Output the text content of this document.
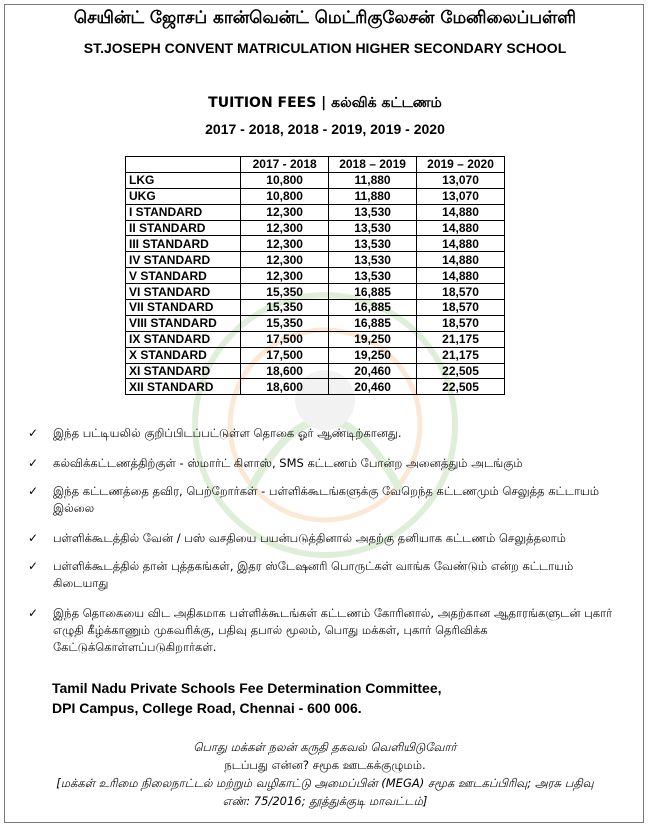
செயின்ட் ஜோசப் கான்வென்ட் மெட்ரிகுலேசன் மேனிலைப்பள்ளி
ST.JOSEPH CONVENT MATRICULATION HIGHER SECONDARY SCHOOL
TUITION FEES | கல்விக் கட்டணம்
2017 - 2018, 2018 - 2019, 2019 - 2020
	2017 - 2018	2018 – 2019	2019 – 2020
LKG	10,800	11,880	13,070
UKG	10,800	11,880	13,070
I STANDARD	12,300	13,530	14,880
II STANDARD	12,300	13,530	14,880
III STANDARD	12,300	13,530	14,880
IV STANDARD	12,300	13,530	14,880
V STANDARD	12,300	13,530	14,880
VI STANDARD	15,350	16,885	18,570
VII STANDARD	15,350	16,885	18,570
VIII STANDARD	15,350	16,885	18,570
IX STANDARD	17,500	19,250	21,175
X STANDARD	17,500	19,250	21,175
XI STANDARD	18,600	20,460	22,505
XII STANDARD	18,600	20,460	22,505
✓ இந்த பட்டியலில் குறிப்பிடப்பட்டுள்ள தொகை ஓர் ஆண்டிற்கானது.
✓ கல்விக்கட்டணத்திற்குள் - ஸ்மார்ட் கிளாஸ், SMS கட்டணம் போன்ற அனைத்தும் அடங்கும்
✓ இந்த கட்டணத்தை தவிர, பெற்றோர்கள் - பள்ளிக்கூடங்களுக்கு வேறெந்த கட்டணமும் செலுத்த கட்டாயம் இல்லை
✓ பள்ளிக்கூடத்தில் வேன் / பஸ் வசதியை பயன்படுத்தினால் அதற்கு தனியாக கட்டணம் செலுத்தலாம்
✓ பள்ளிக்கூடத்தில் தான் புத்தகங்கள், இதர ஸ்டேஷனரி பொருட்கள் வாங்க வேண்டும் என்ற கட்டாயம் கிடையாது
✓ இந்த தொகையை விட அதிகமாக பள்ளிக்கூடங்கள் கட்டணம் கோரினால், அதற்கான ஆதாரங்களுடன் புகார் எழுதி கீழ்க்காணும் முகவரிக்கு, பதிவு தபால் மூலம், பொது மக்கள், புகார் தெரிவிக்க கேட்டுக்கொள்ளப்படுகிறார்கள்.
Tamil Nadu Private Schools Fee Determination Committee,
DPI Campus, College Road, Chennai - 600 006.
பொது மக்கள் நலன் கருதி தகவல் வெளியிடுவோர்
நடப்பது என்ன? சமூக ஊடகக்குழுமம்.
[மக்கள் உரிமை நிலைநாட்டல் மற்றும் வழிகாட்டு அமைப்பின் (MEGA) சமூக ஊடகப்பிரிவு; அரசு பதிவு
எண்: 75/2016; தூத்துக்குடி மாவட்டம்]
